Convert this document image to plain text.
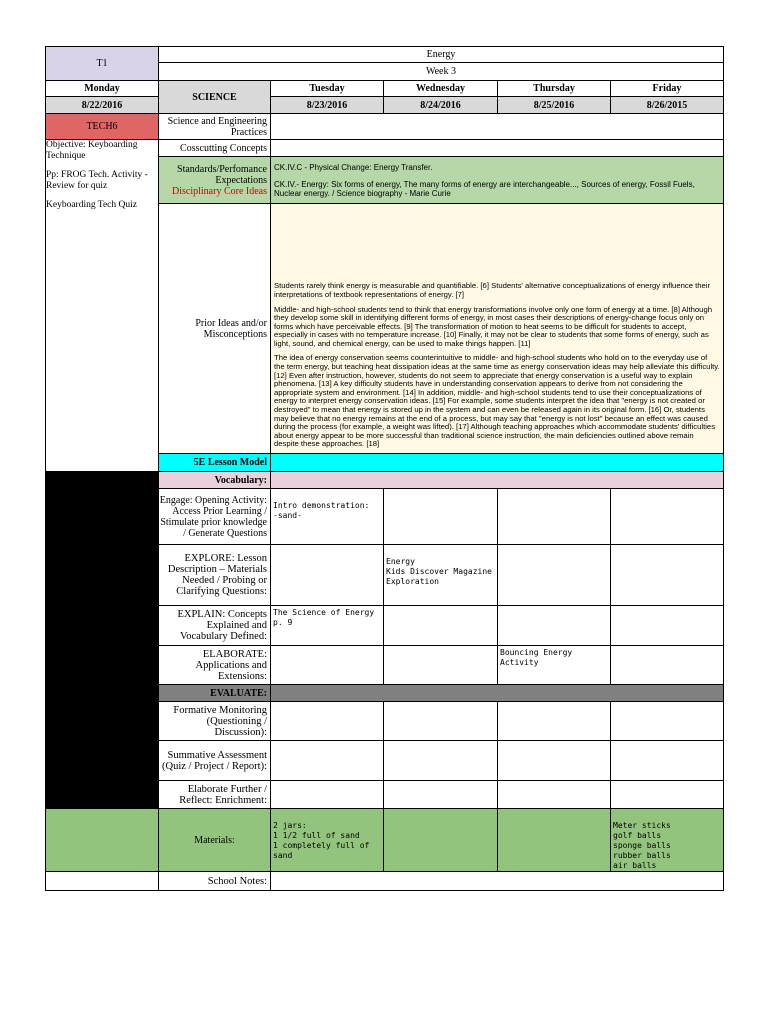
T1
Energy
Week 3
Monday
8/22/2016
SCIENCE
Tuesday
8/23/2016
Wednesday
8/24/2016
Thursday
8/25/2016
Friday
8/26/2015
TECH6
Objective: Keyboarding Technique
Pp: FROG Tech. Activity - Review for quiz
Keyboarding Tech Quiz
Science and Engineering Practices
Cosscutting Concepts
Standards/Perfomance Expectations
Disciplinary Core Ideas
CK.IV.C - Physical Change: Energy Transfer.
CK.IV.- Energy: Six forms of energy, The many forms of energy are interchangeable..., Sources of energy, Fossil Fuels, Nuclear energy. / Science biography - Marie Curie
Prior Ideas and/or Misconceptions

Students rarely think energy is measurable and quantifiable. [6] Students' alternative conceptualizations of energy influence their interpretations of textbook representations of energy. [7]

Middle- and high-school students tend to think that energy transformations involve only one form of energy at a time. [8] Although they develop some skill in identifying different forms of energy, in most cases their descriptions of energy-change focus only on forms which have perceivable effects. [9] The transformation of motion to heat seems to be difficult for students to accept, especially in cases with no temperature increase. [10] Finally, it may not be clear to students that some forms of energy, such as light, sound, and chemical energy, can be used to make things happen. [11]

The idea of energy conservation seems counterintuitive to middle- and high-school students who hold on to the everyday use of the term energy, but teaching heat dissipation ideas at the same time as energy conservation ideas may help alleviate this difficulty. [12] Even after instruction, however, students do not seem to appreciate that energy conservation is a useful way to explain phenomena. [13] A key difficulty students have in understanding conservation appears to derive from not considering the appropriate system and environment. [14] In addition, middle- and high-school students tend to use their conceptualizations of energy to interpret energy conservation ideas. [15] For example, some students interpret the idea that "energy is not created or destroyed" to mean that energy is stored up in the system and can even be released again in its original form. [16] Or, students may believe that no energy remains at the end of a process, but may say that "energy is not lost" because an effect was caused during the process (for example, a weight was lifted). [17] Although teaching approaches which accommodate students' difficulties about energy appear to be more successful than traditional science instruction, the main deficiencies outlined above remain despite these approaches. [18]

5E Lesson Model
Vocabulary:
Engage: Opening Activity: Access Prior Learning / Stimulate prior knowledge / Generate Questions

Intro demonstration:
-sand-

EXPLORE: Lesson Description – Materials Needed / Probing or Clarifying Questions:

Energy
Kids Discover Magazine Exploration

EXPLAIN: Concepts Explained and Vocabulary Defined:
The Science of Energy p. 9
ELABORATE: Applications and Extensions:
Bouncing Energy Activity
EVALUATE:
Formative Monitoring (Questioning / Discussion):
Summative Assessment (Quiz / Project / Report):
Elaborate Further / Reflect: Enrichment:
Materials:

2 jars:
1 1/2 full of sand
1 completely full of sand

Meter sticks
golf balls
sponge balls
rubber balls
air balls

School Notes:
